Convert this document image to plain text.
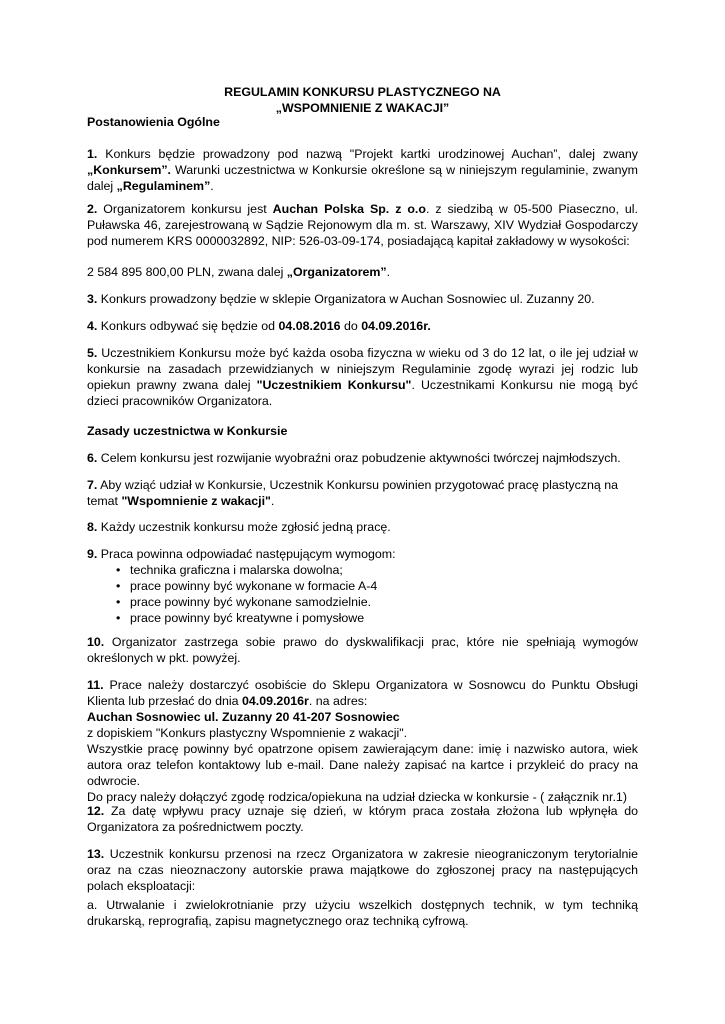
REGULAMIN KONKURSU PLASTYCZNEGO NA
„WSPOMNIENIE Z WAKACJI”
Postanowienia Ogólne

1. Konkurs będzie prowadzony pod nazwą "Projekt kartki urodzinowej Auchan”, dalej zwany „Konkursem”. Warunki uczestnictwa w Konkursie określone są w niniejszym regulaminie, zwanym dalej „Regulaminem”.

2. Organizatorem konkursu jest Auchan Polska Sp. z o.o. z siedzibą w 05-500 Piaseczno, ul. Puławska 46, zarejestrowaną w Sądzie Rejonowym dla m. st. Warszawy, XIV Wydział Gospodarczy pod numerem KRS 0000032892, NIP: 526-03-09-174, posiadającą kapitał zakładowy w wysokości:

2 584 895 800,00 PLN, zwana dalej „Organizatorem”.

3. Konkurs prowadzony będzie w sklepie Organizatora w Auchan Sosnowiec ul. Zuzanny 20.

4. Konkurs odbywać się będzie od 04.08.2016 do 04.09.2016r.

5. Uczestnikiem Konkursu może być każda osoba fizyczna w wieku od 3 do 12 lat, o ile jej udział w konkursie na zasadach przewidzianych w niniejszym Regulaminie zgodę wyrazi jej rodzic lub opiekun prawny zwana dalej "Uczestnikiem Konkursu". Uczestnikami Konkursu nie mogą być dzieci pracowników Organizatora.

Zasady uczestnictwa w Konkursie

6. Celem konkursu jest rozwijanie wyobraźni oraz pobudzenie aktywności twórczej najmłodszych.

7. Aby wziąć udział w Konkursie, Uczestnik Konkursu powinien przygotować pracę plastyczną na temat "Wspomnienie z wakacji".

8. Każdy uczestnik konkursu może zgłosić jedną pracę.

9. Praca powinna odpowiadać następującym wymogom:

• technika graficzna i malarska dowolna;
• prace powinny być wykonane w formacie A-4
• prace powinny być wykonane samodzielnie.
• prace powinny być kreatywne i pomysłowe

10. Organizator zastrzega sobie prawo do dyskwalifikacji prac, które nie spełniają wymogów określonych w pkt. powyżej.

11. Prace należy dostarczyć osobiście do Sklepu Organizatora w Sosnowcu do Punktu Obsługi Klienta lub przesłać do dnia 04.09.2016r. na adres:

Auchan Sosnowiec ul. Zuzanny 20 41-207 Sosnowiec
z dopiskiem "Konkurs plastyczny Wspomnienie z wakacji".
Wszystkie pracę powinny być opatrzone opisem zawierającym dane: imię i nazwisko autora, wiek autora oraz telefon kontaktowy lub e-mail. Dane należy zapisać na kartce i przykleić do pracy na odwrocie.
Do pracy należy dołączyć zgodę rodzica/opiekuna na udział dziecka w konkursie - ( załącznik nr.1)

12. Za datę wpływu pracy uznaje się dzień, w którym praca została złożona lub wpłynęła do Organizatora za pośrednictwem poczty.

13. Uczestnik konkursu przenosi na rzecz Organizatora w zakresie nieograniczonym terytorialnie oraz na czas nieoznaczony autorskie prawa majątkowe do zgłoszonej pracy na następujących polach eksploatacji:

a. Utrwalanie i zwielokrotnianie przy użyciu wszelkich dostępnych technik, w tym techniką drukarską, reprografią, zapisu magnetycznego oraz techniką cyfrową.
